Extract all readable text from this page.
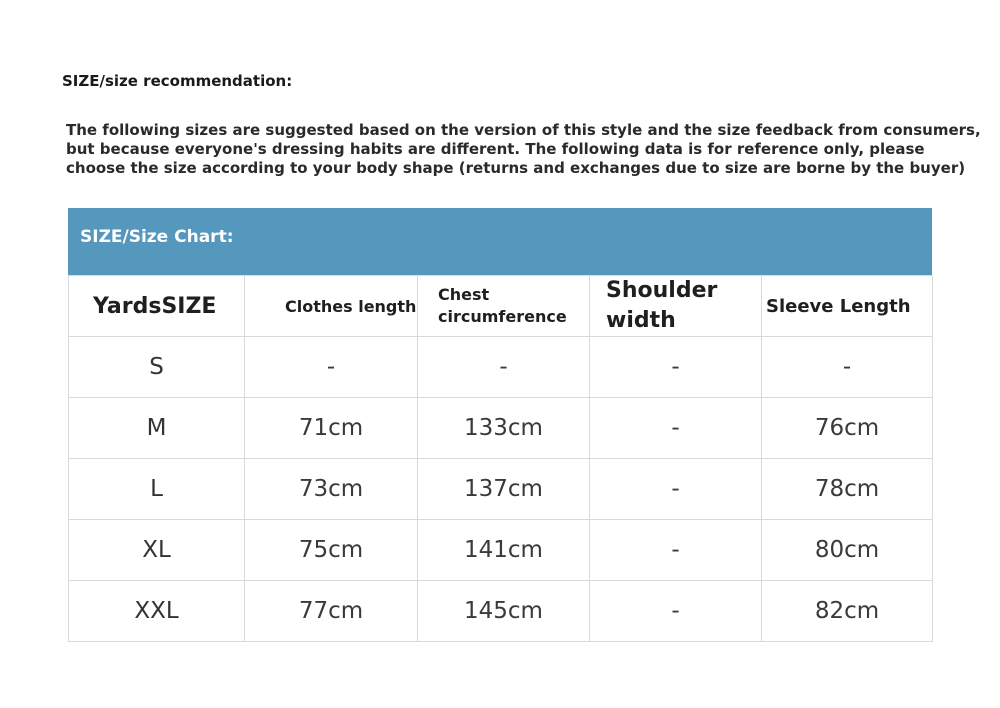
SIZE/size recommendation:
The following sizes are suggested based on the version of this style and the size feedback from consumers,
but because everyone's dressing habits are different. The following data is for reference only, please
choose the size according to your body shape (returns and exchanges due to size are borne by the buyer)
SIZE/Size Chart:
YardsSIZE	Clothes length	Chest circumference	Shoulder width	Sleeve Length
S	-	-	-	-
M	71cm	133cm	-	76cm
L	73cm	137cm	-	78cm
XL	75cm	141cm	-	80cm
XXL	77cm	145cm	-	82cm
